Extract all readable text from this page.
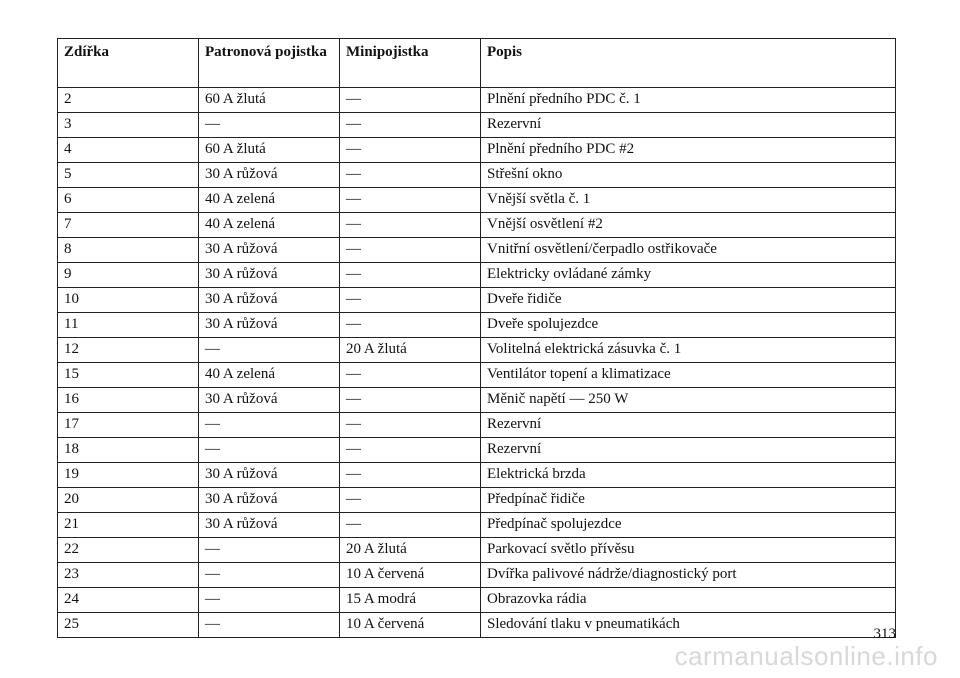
Zdířka	Patronová pojistka	Minipojistka	Popis
2	60 A žlutá	—	Plnění předního PDC č. 1
3	—	—	Rezervní
4	60 A žlutá	—	Plnění předního PDC #2
5	30 A růžová	—	Střešní okno
6	40 A zelená	—	Vnější světla č. 1
7	40 A zelená	—	Vnější osvětlení #2
8	30 A růžová	—	Vnitřní osvětlení/čerpadlo ostřikovače
9	30 A růžová	—	Elektricky ovládané zámky
10	30 A růžová	—	Dveře řidiče
11	30 A růžová	—	Dveře spolujezdce
12	—	20 A žlutá	Volitelná elektrická zásuvka č. 1
15	40 A zelená	—	Ventilátor topení a klimatizace
16	30 A růžová	—	Měnič napětí — 250 W
17	—	—	Rezervní
18	—	—	Rezervní
19	30 A růžová	—	Elektrická brzda
20	30 A růžová	—	Předpínač řidiče
21	30 A růžová	—	Předpínač spolujezdce
22	—	20 A žlutá	Parkovací světlo přívěsu
23	—	10 A červená	Dvířka palivové nádrže/diagnostický port
24	—	15 A modrá	Obrazovka rádia
25	—	10 A červená	Sledování tlaku v pneumatikách
313
carmanualsonline.info
